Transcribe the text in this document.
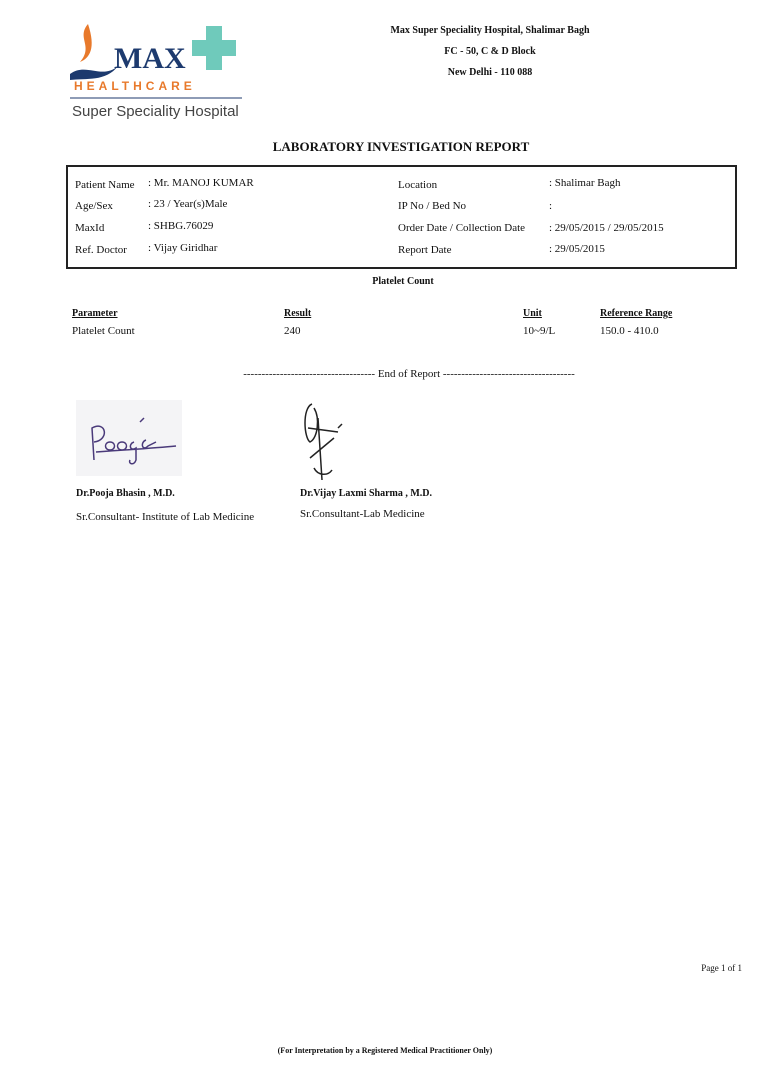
MAX
HEALTHCARE
Super Speciality Hospital
Max Super Speciality Hospital, Shalimar Bagh
FC - 50, C & D Block
New Delhi - 110 088
LABORATORY INVESTIGATION REPORT
Patient Name : Mr. MANOJ KUMAR
Age/Sex	: 23 / Year(s)Male
MaxId	: SHBG.76029
Ref. Doctor : Vijay Giridhar
Location	: Shalimar Bagh
IP No / Bed No	:
Order Date / Collection Date : 29/05/2015 / 29/05/2015
Report Date	: 29/05/2015
Platelet Count
Parameter	Result	Unit	Reference Range
Platelet Count	240	10~9/L	150.0 - 410.0
------------------------------------ End of Report ------------------------------------
Dr.Pooja Bhasin , M.D.
Sr.Consultant- Institute of Lab Medicine
Dr.Vijay Laxmi Sharma , M.D.
Sr.Consultant-Lab Medicine
Page 1 of 1
(For Interpretation by a Registered Medical Practitioner Only)
